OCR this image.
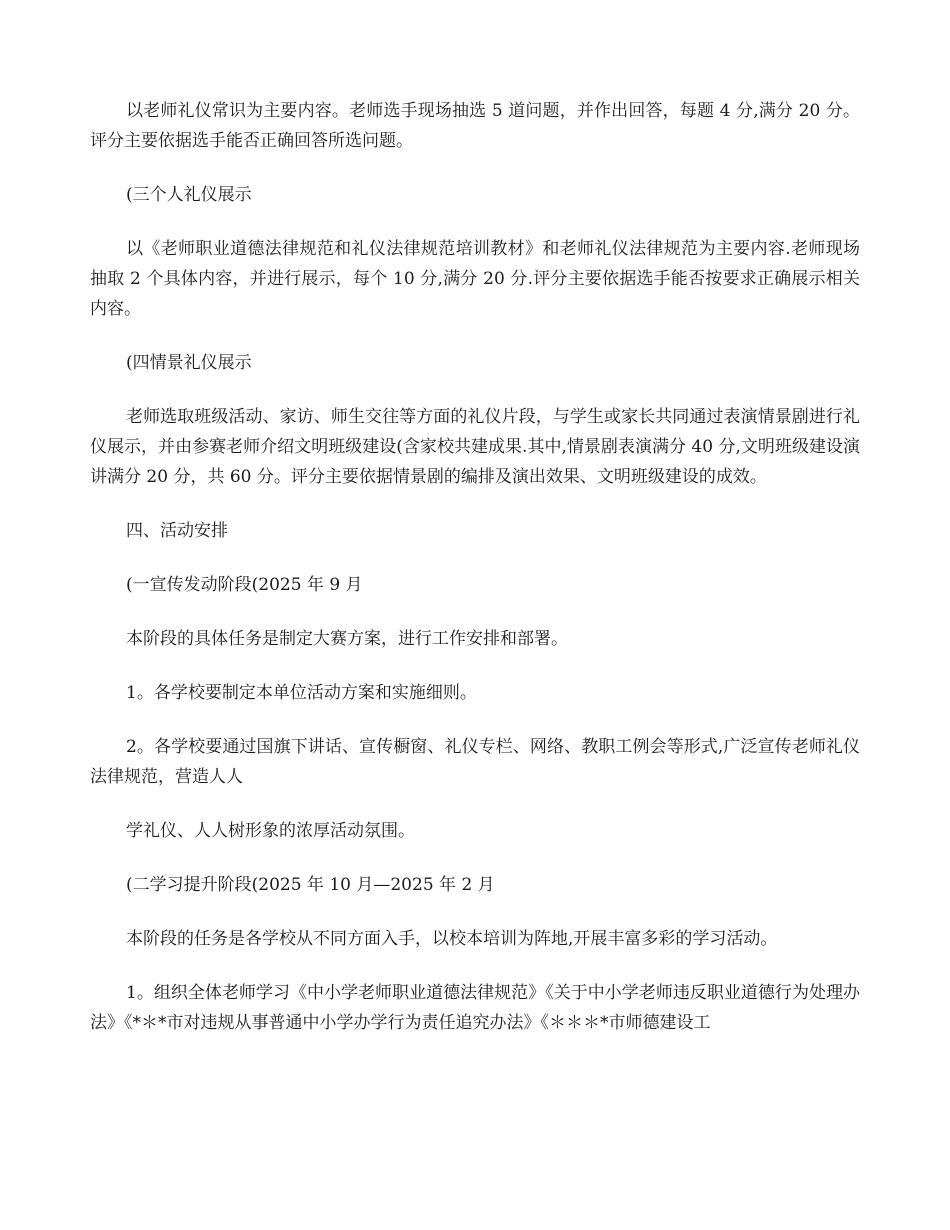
以老师礼仪常识为主要内容。老师选手现场抽选 5 道问题，并作出回答，每题 4 分,满分 20 分。评分主要依据选手能否正确回答所选问题。

(三个人礼仪展示

以《老师职业道德法律规范和礼仪法律规范培训教材》和老师礼仪法律规范为主要内容.老师现场抽取 2 个具体内容，并进行展示，每个 10 分,满分 20 分.评分主要依据选手能否按要求正确展示相关内容。

(四情景礼仪展示

老师选取班级活动、家访、师生交往等方面的礼仪片段，与学生或家长共同通过表演情景剧进行礼仪展示，并由参赛老师介绍文明班级建设(含家校共建成果.其中,情景剧表演满分 40 分,文明班级建设演讲满分 20 分，共 60 分。评分主要依据情景剧的编排及演出效果、文明班级建设的成效。

四、活动安排

(一宣传发动阶段(2025 年 9 月

本阶段的具体任务是制定大赛方案，进行工作安排和部署。

1。各学校要制定本单位活动方案和实施细则。

2。各学校要通过国旗下讲话、宣传橱窗、礼仪专栏、网络、教职工例会等形式,广泛宣传老师礼仪法律规范，营造人人

学礼仪、人人树形象的浓厚活动氛围。

(二学习提升阶段(2025 年 10 月—2025 年 2 月

本阶段的任务是各学校从不同方面入手，以校本培训为阵地,开展丰富多彩的学习活动。

1。组织全体老师学习《中小学老师职业道德法律规范》《关于中小学老师违反职业道德行为处理办法》《*＊*市对违规从事普通中小学办学行为责任追究办法》《＊＊＊*市师德建设工
